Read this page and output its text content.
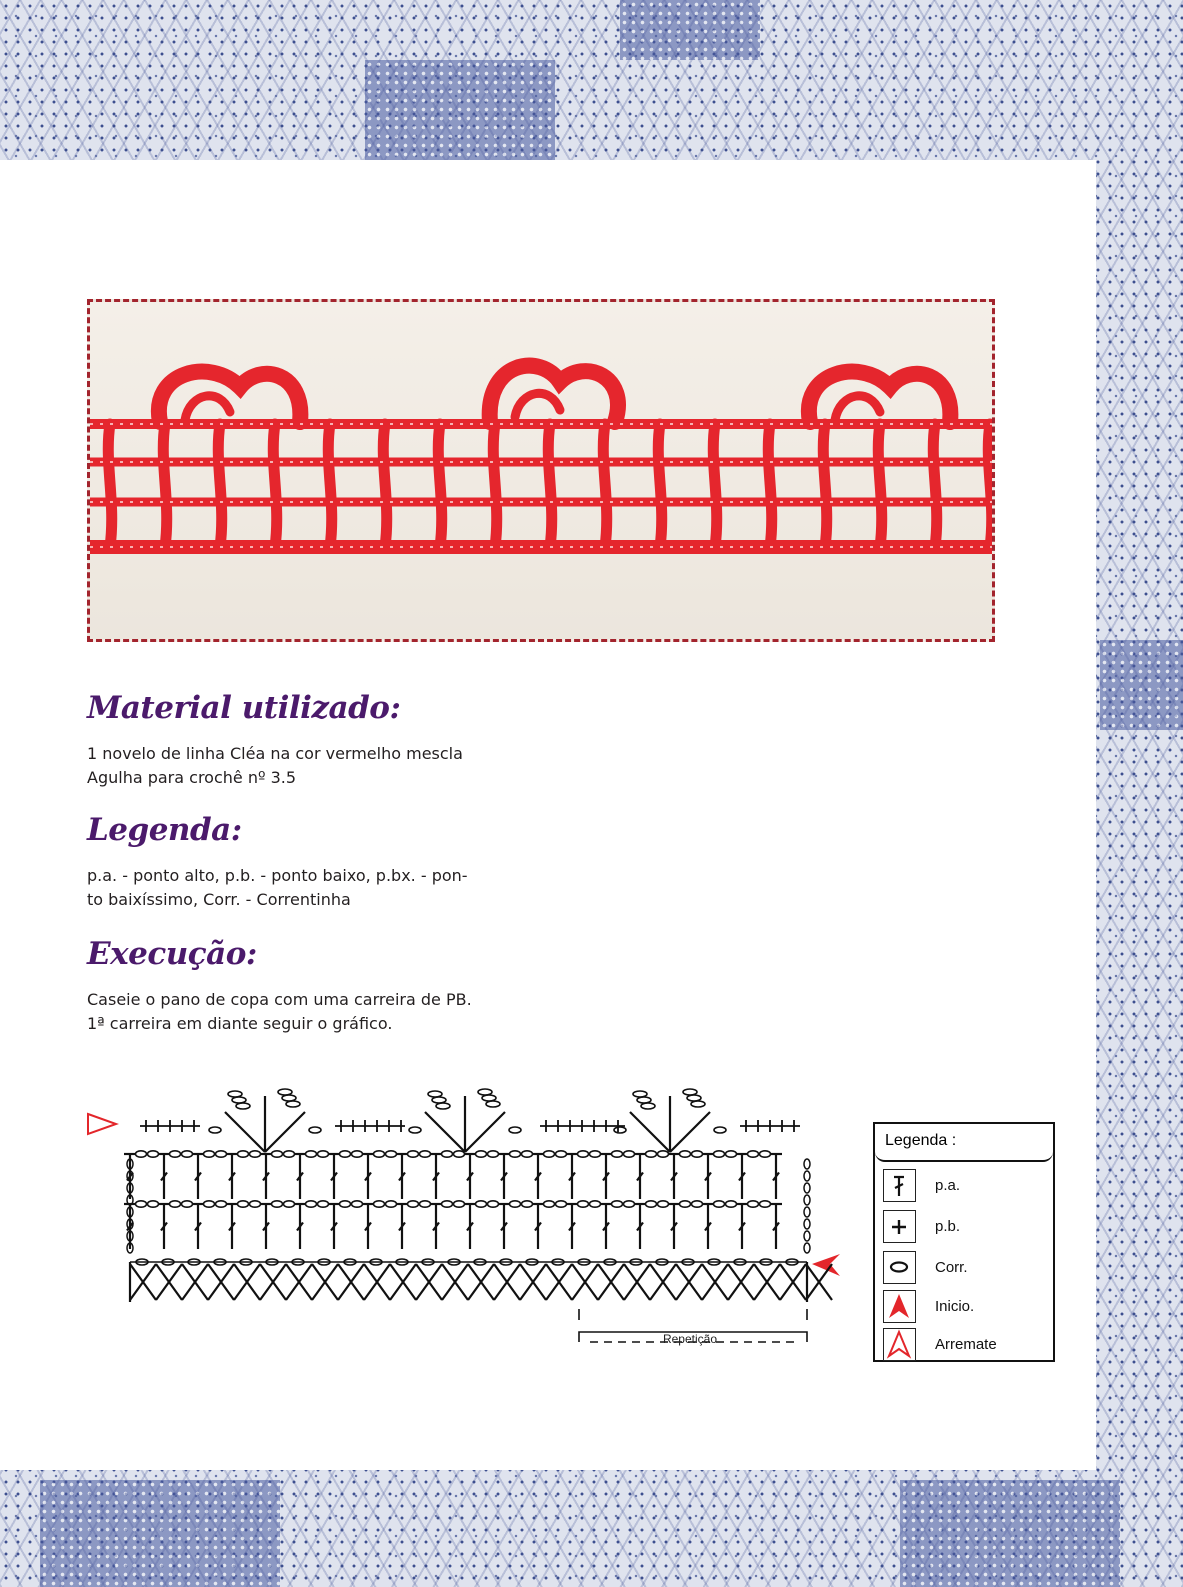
Material utilizado:

1 novelo de linha Cléa na cor vermelho mescla
Agulha para crochê nº 3.5

Legenda:

p.a. - ponto alto, p.b. - ponto baixo, p.bx. - pon-
to baixíssimo, Corr. - Correntinha

Execução:

Caseie o pano de copa com uma carreira de PB.
1ª carreira em diante seguir o gráfico.

Repetição
Legenda :
p.a.
p.b.
Corr.
Inicio.
Arremate
